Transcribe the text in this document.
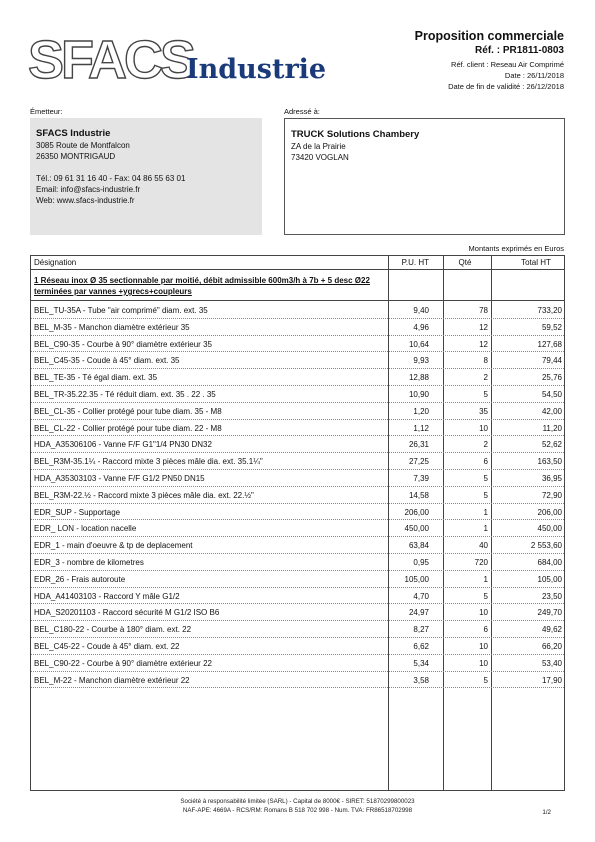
SFACS
Industrie
Proposition commerciale
Réf. : PR1811-0803
Réf. client : Reseau Air Comprimé
Date : 26/11/2018
Date de fin de validité : 26/12/2018
Émetteur:	Adressé à:
SFACS Industrie
3085 Route de Montfalcon
26350 MONTRIGAUD
Tél.: 09 61 31 16 40 - Fax: 04 86 55 63 01
Email: info@sfacs-industrie.fr
Web: www.sfacs-industrie.fr
TRUCK Solutions Chambery
ZA de la Prairie
73420 VOGLAN
Montants exprimés en Euros
Désignation	P.U. HT	Qté	Total HT
1 Réseau inox Ø 35 sectionnable par moitié, débit admissible 600m3/h à 7b + 5 desc Ø22 terminées par vannes +ygrecs+coupleurs
BEL_TU-35A - Tube "air comprimé" diam. ext. 35	9,40	78	733,20
BEL_M-35 - Manchon diamètre extérieur 35	4,96	12	59,52
BEL_C90-35 - Courbe à 90° diamètre extérieur 35	10,64	12	127,68
BEL_C45-35 - Coude à 45° diam. ext. 35	9,93	8	79,44
BEL_TE-35 - Té égal diam. ext. 35	12,88	2	25,76
BEL_TR-35.22.35 - Té réduit diam. ext. 35 . 22 . 35	10,90	5	54,50
BEL_CL-35 - Collier protégé pour tube diam. 35 - M8	1,20	35	42,00
BEL_CL-22 - Collier protégé pour tube diam. 22 - M8	1,12	10	11,20
HDA_A35306106 - Vanne F/F G1"1/4 PN30 DN32	26,31	2	52,62
BEL_R3M-35.1¼ - Raccord mixte 3 pièces mâle dia. ext. 35.1¼"	27,25	6	163,50
HDA_A35303103 - Vanne F/F G1/2 PN50 DN15	7,39	5	36,95
BEL_R3M-22.½ - Raccord mixte 3 pièces mâle dia. ext. 22.½"	14,58	5	72,90
EDR_SUP - Supportage	206,00	1	206,00
EDR_ LON - location nacelle	450,00	1	450,00
EDR_1 - main d'oeuvre & tp de deplacement	63,84	40	2 553,60
EDR_3 - nombre de kilometres	0,95	720	684,00
EDR_26 - Frais autoroute	105,00	1	105,00
HDA_A41403103 - Raccord Y mâle G1/2	4,70	5	23,50
HDA_S20201103 - Raccord sécurité M G1/2 ISO B6	24,97	10	249,70
BEL_C180-22 - Courbe à 180° diam. ext. 22	8,27	6	49,62
BEL_C45-22 - Coude à 45° diam. ext. 22	6,62	10	66,20
BEL_C90-22 - Courbe à 90° diamètre extérieur 22	5,34	10	53,40
BEL_M-22 - Manchon diamètre extérieur 22	3,58	5	17,90
Société à responsabilité limitée (SARL) - Capital de 8000€ - SIRET: 51870299800023
NAF-APE: 4669A - RCS/RM: Romans B 518 702 998 - Num. TVA: FR86518702998	1/2
